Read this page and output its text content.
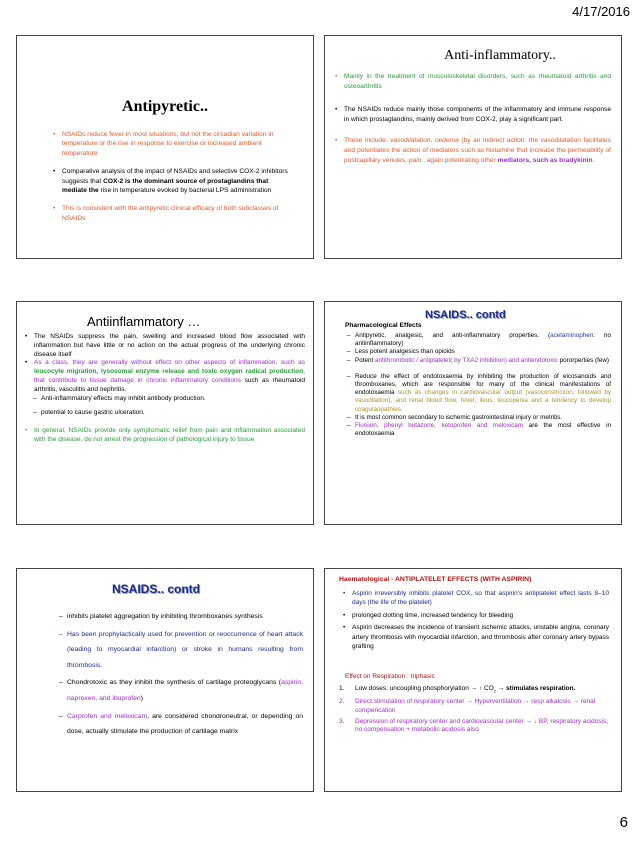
4/17/2016
Antipyretic..
• NSAIDs reduce fever in most situations, but not the circadian variation in temperature or the rise in response to exercise or increased ambient temperature
• Comparative analysis of the impact of NSAIDs and selective COX-2 inhibitors suggests that COX-2 is the dominant source of prostaglandins that mediate the rise in temperature evoked by bacterial LPS administration
• This is consistent with the antipyretic clinical efficacy of both subclasses of NSAIDs
Anti-inflammatory..
• Mainly in the treatment of musculoskeletal disorders, such as rheumatoid arthritis and osteoarthritis
• The NSAIDs reduce mainly those components of the inflammatory and immune response in which prostaglandins, mainly derived from COX-2, play a significant part.
• These include: vasodilatation, oedema (by an indirect action: the vasodilatation facilitates and potentiates the action of mediators such as histamine that increase the permeability of postcapillary venules, pain , again potentiating other mediators, such as bradykinin.
Antiinflammatory …
• The NSAIDs suppress the pain, swelling and increased blood flow associated with inflammation but have little or no action on the actual progress of the underlying chronic disease itself
• As a class, they are generally without effect on other aspects of inflammation, such as leucocyte migration, lysosomal enzyme release and toxic oxygen radical production, that contribute to tissue damage in chronic inflammatory conditions such as rheumatoid arthritis, vasculitis and nephritis.
– Anti-inflammatory effects may inhibit antibody production.
– potential to cause gastric ulceration.
• In general, NSAIDs provide only symptomatic relief from pain and inflammation associated with the disease, do not arrest the progression of pathological injury to tissue
NSAIDS.. contd
Pharmacological Effects
– Antipyretic, analgesic, and anti-inflammatory properties. (acetaminophen: no antiinflammatory)
– Less potent analgesics than opioids
– Potent antithrombotic / antiplatelet( by TXA2 inhibition) and antiendotoxic pororperties (few)
– Reduce the effect of endotoxaemia by inhibiting the production of eicosanoids and thromboxanes, which are responsible for many of the clinical manifestations of endotoxaemia such as changes in cardiovascular output (vasoconstriction, followed by vasodilation), and renal blood flow, fever, ileus, leucopenia and a tendency to develop coagulaopathies.
– It is most common secondary to ischemic gastrointestinal injury or metritis.
– Flunixin, phenyl butazone, ketoprofen and meloxicam are the most effective in endotoxaemia
NSAIDS.. contd
– inhibits platelet aggregation by inhibiting thromboxanes synthesis
– Has been prophylactically used for prevention or reoccurrence of heart attack (leading to myocardial infarction) or stroke in humans resulting from thrombosis.
– Chondrotoxic as they inhibit the synthesis of cartilage proteoglycans (aspirin, naproxen, and ibuprofen)
– Carprofen and meloxicam, are considered chondroneutral, or depending on dose, actually stimulate the production of cartilage matrix
Haematological - ANTIPLATELET EFFECTS (WITH ASPIRIN)
• Aspirin irreversibly inhibits platelet COX, so that aspirin's antiplatelet effect lasts 8–10 days (the life of the platelet)
• prolonged clotting time, increased tendency for bleeding
• Aspirin decreases the incidence of transient ischemic attacks, unstable angina, coronary artery thrombosis with myocardial infarction, and thrombosis after coronary artery bypass grafting
Effect on Respiration : triphasic
1. Low doses: uncoupling phosphorylation → ↑ $CO_2$ → stimulates respiration.
2. Direct stimulation of respiratory center → Hyperventilation → resp alkalosis → renal compencation
3. Depression of respiratory center and cardiovascular center → ↓ BP, respiratory acidosis, no compensation + metabolic acidosis also
6
